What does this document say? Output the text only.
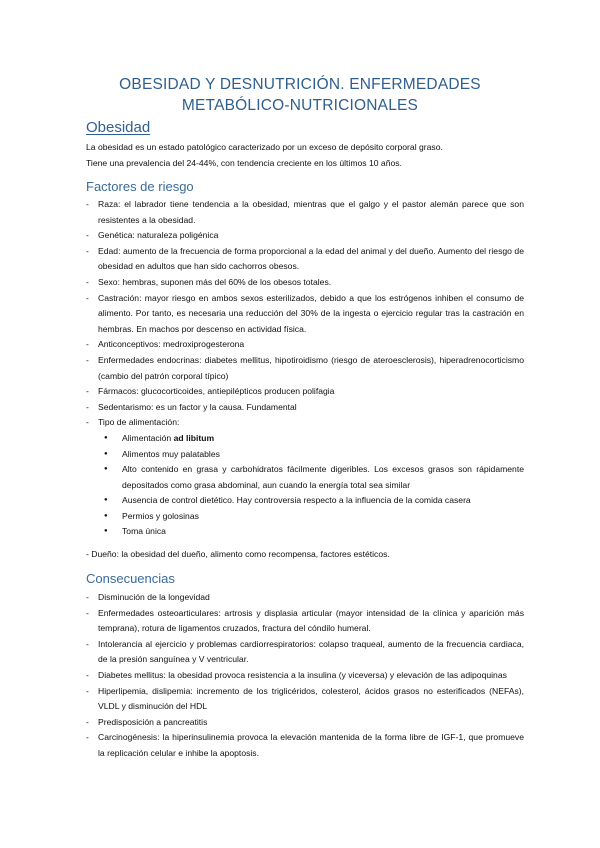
OBESIDAD Y DESNUTRICIÓN. ENFERMEDADES
METABÓLICO-NUTRICIONALES
Obesidad
La obesidad es un estado patológico caracterizado por un exceso de depósito corporal graso.
Tiene una prevalencia del 24-44%, con tendencia creciente en los últimos 10 años.
Factores de riesgo
- Raza: el labrador tiene tendencia a la obesidad, mientras que el galgo y el pastor alemán parece que son resistentes a la obesidad.
- Genética: naturaleza poligénica
- Edad: aumento de la frecuencia de forma proporcional a la edad del animal y del dueño. Aumento del riesgo de obesidad en adultos que han sido cachorros obesos.
- Sexo: hembras, suponen más del 60% de los obesos totales.
- Castración: mayor riesgo en ambos sexos esterilizados, debido a que los estrógenos inhiben el consumo de alimento. Por tanto, es necesaria una reducción del 30% de la ingesta o ejercicio regular tras la castración en hembras. En machos por descenso en actividad física.
- Anticonceptivos: medroxiprogesterona
- Enfermedades endocrinas: diabetes mellitus, hipotiroidismo (riesgo de ateroesclerosis), hiperadrenocorticismo (cambio del patrón corporal típico)
- Fármacos: glucocorticoides, antiepilépticos producen polifagia
- Sedentarismo: es un factor y la causa. Fundamental
- Tipo de alimentación:
● Alimentación ad libitum
● Alimentos muy palatables
● Alto contenido en grasa y carbohidratos fácilmente digeribles. Los excesos grasos son rápidamente depositados como grasa abdominal, aun cuando la energía total sea similar
● Ausencia de control dietético. Hay controversia respecto a la influencia de la comida casera
● Permios y golosinas
● Toma única
- Dueño: la obesidad del dueño, alimento como recompensa, factores estéticos.
Consecuencias
- Disminución de la longevidad
- Enfermedades osteoarticulares: artrosis y displasia articular (mayor intensidad de la clínica y aparición más temprana), rotura de ligamentos cruzados, fractura del cóndilo humeral.
- Intolerancia al ejercicio y problemas cardiorrespiratorios: colapso traqueal, aumento de la frecuencia cardiaca, de la presión sanguínea y V ventricular.
- Diabetes mellitus: la obesidad provoca resistencia a la insulina (y viceversa) y elevación de las adipoquinas
- Hiperlipemia, dislipemia: incremento de los triglicéridos, colesterol, ácidos grasos no esterificados (NEFAs), VLDL y disminución del HDL
- Predisposición a pancreatitis
- Carcinogénesis: la hiperinsulinemia provoca la elevación mantenida de la forma libre de IGF-1, que promueve la replicación celular e inhibe la apoptosis.
